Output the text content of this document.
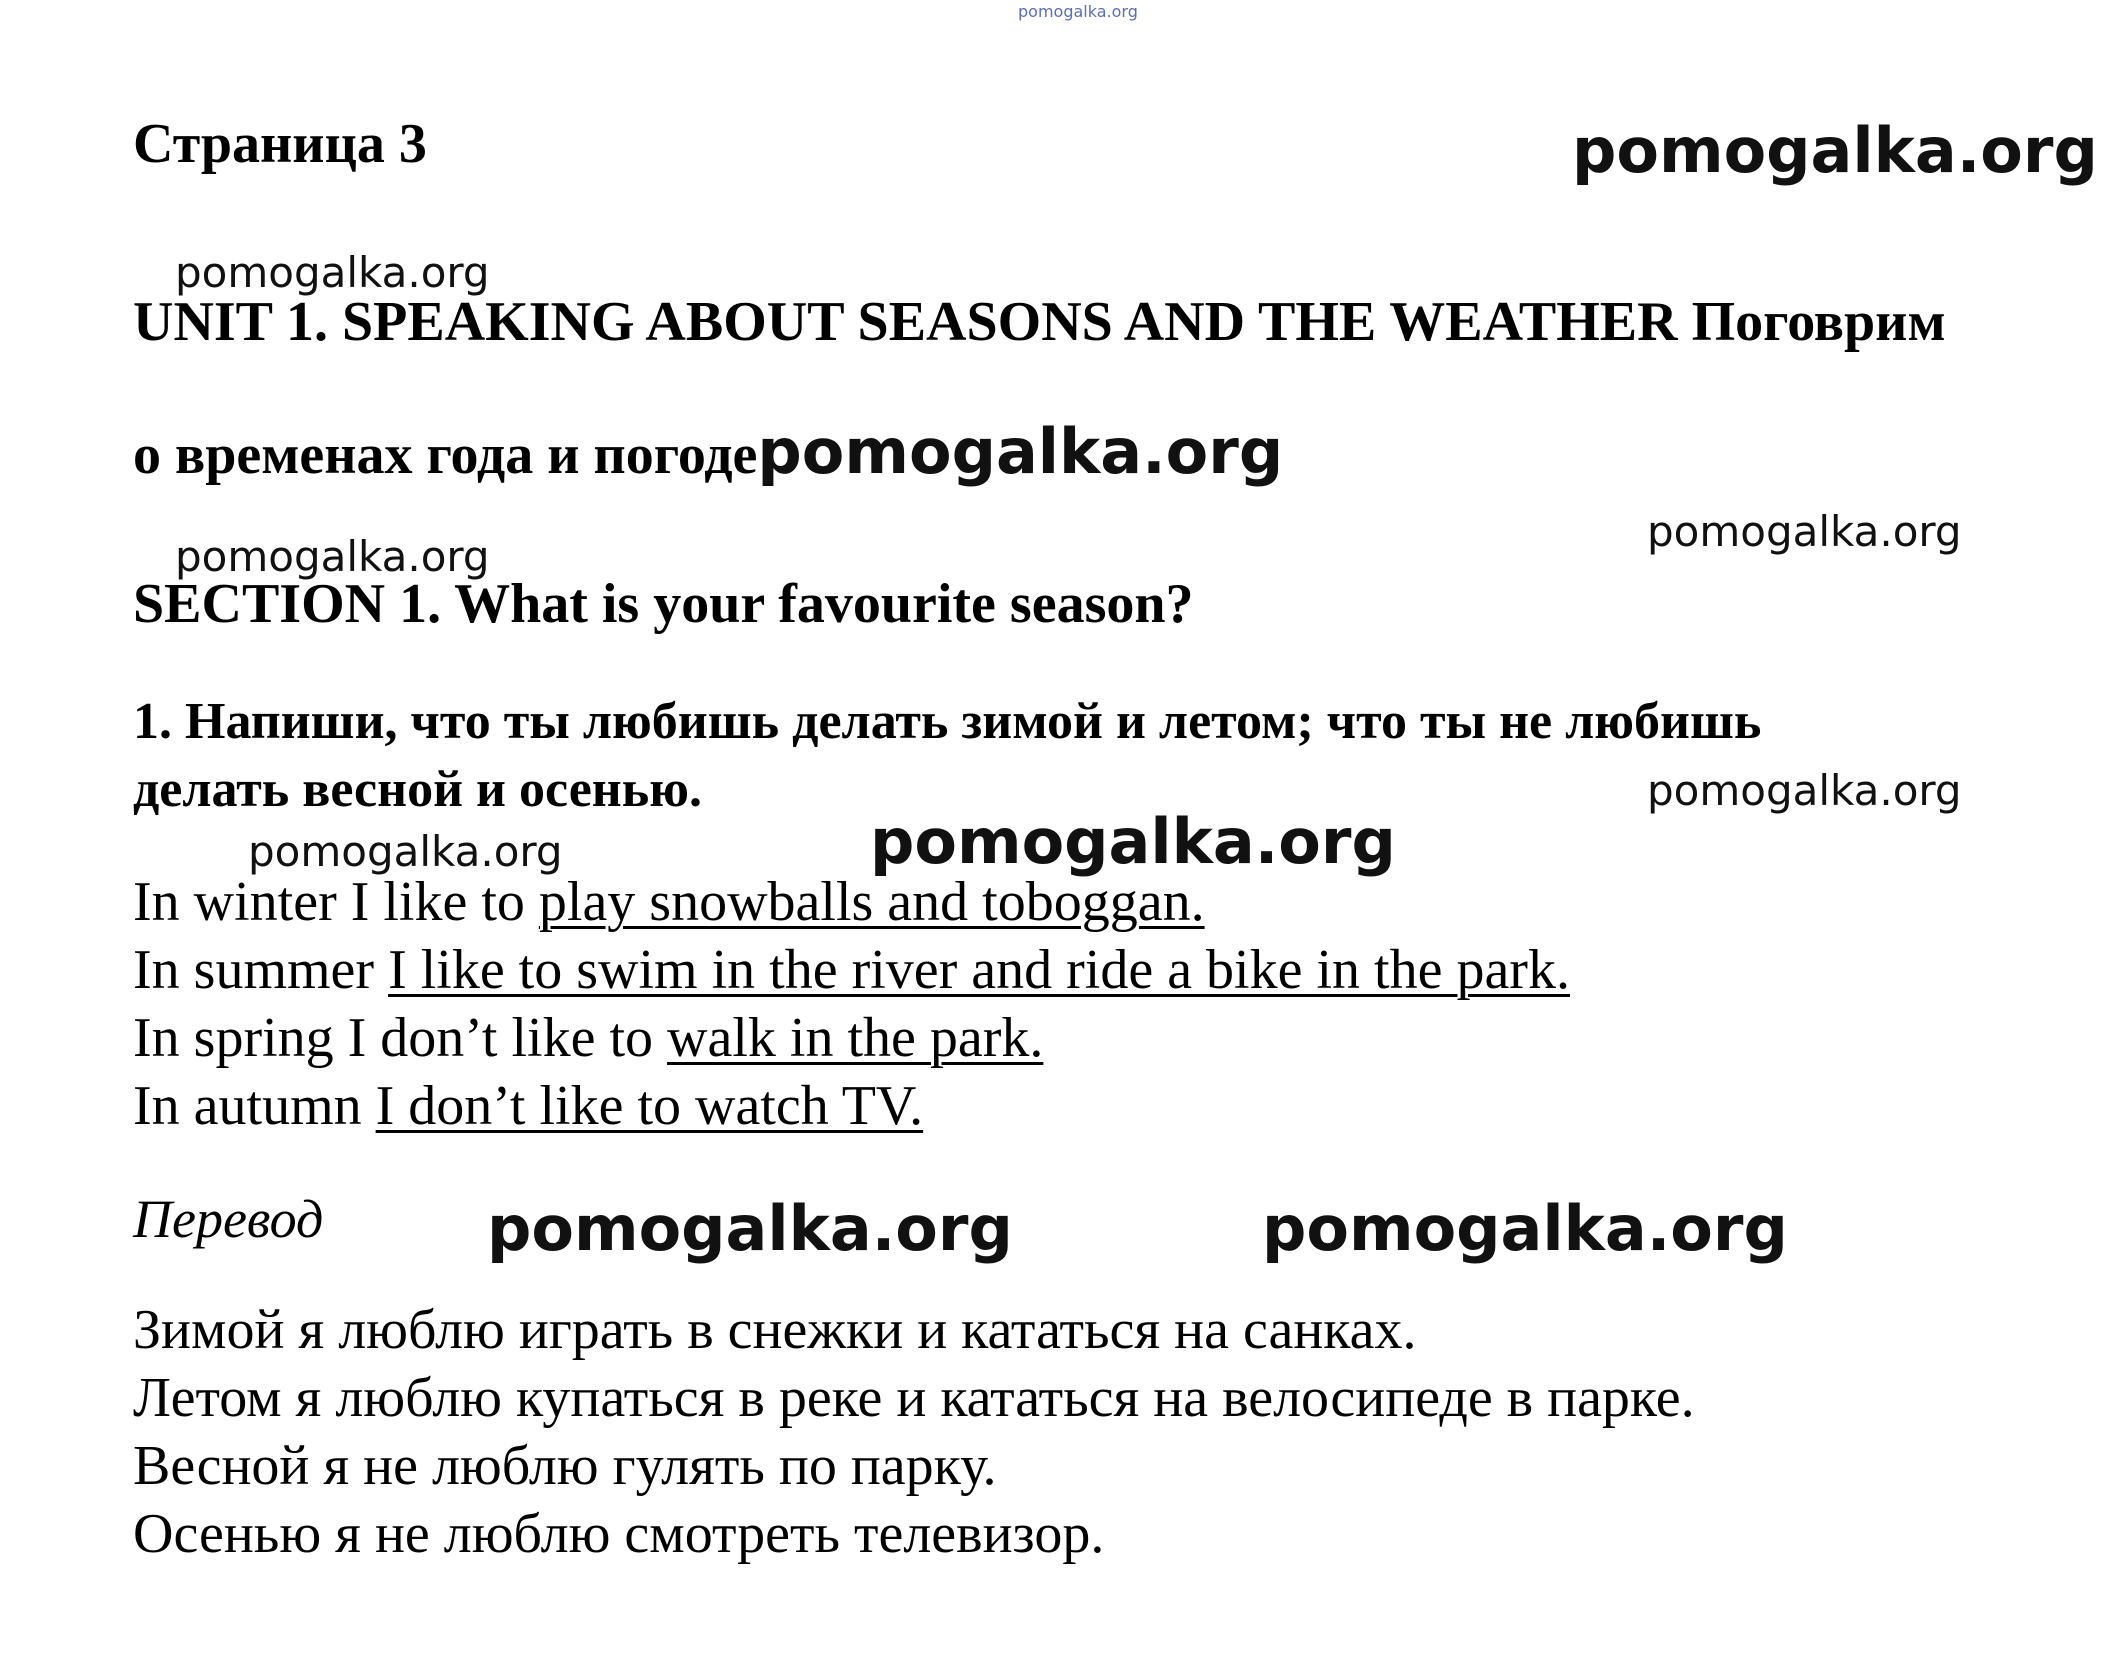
pomogalka.org
Страница 3	pomogalka.org
pomogalka.org
pomogalka.org
pomogalka.org
pomogalka.org
pomogalka.org	pomogalka.org
pomogalka.org	pomogalka.org
UNIT 1. SPEAKING ABOUT SEASONS AND THE WEATHER Поговрим
о временах года и погоде pomogalka.org
SECTION 1. What is your favourite season?
1. Напиши, что ты любишь делать зимой и летом; что ты не любишь
делать весной и осенью.
In winter I like to play snowballs and toboggan.
In summer I like to swim in the river and ride a bike in the park.
In spring I don’t like to walk in the park.
In autumn I don’t like to watch TV.
Перевод
Зимой я люблю играть в снежки и кататься на санках.
Летом я люблю купаться в реке и кататься на велосипеде в парке.
Весной я не люблю гулять по парку.
Осенью я не люблю смотреть телевизор.
